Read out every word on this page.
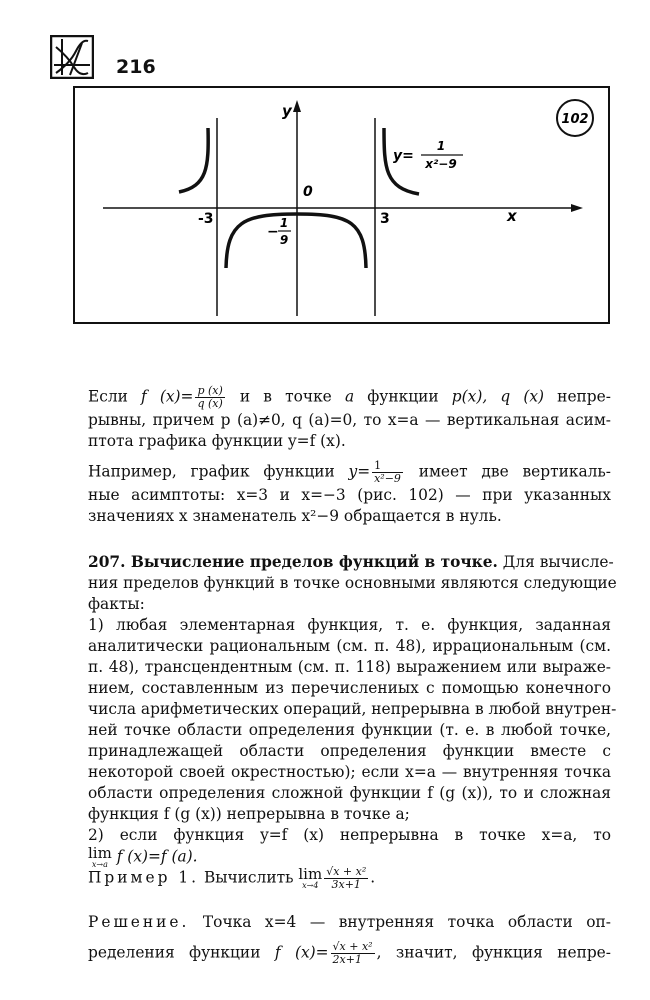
216
102
y
x
0
-3	3
−
1
9
y=
1
x²−9
Если f $(x)= \frac{p (x)}{q (x)}$ и в точке a функции p(x), q (x) непре-
рывны, причем p (a)≠0, q (a)=0, то x=a — вертикальная асим-
птота графика функции y=f (x).
Например, график функции $y= \frac{1}{\text{x²−9}}$ имеет две вертикаль-
ные асимптоты: x=3 и x=−3 (рис. 102) — при указанных
значениях x знаменатель x²−9 обращается в нуль.
207. Вычисление пределов функций в точке. Для вычисле-
ния пределов функций в точке основными являются следующие
факты:
1) любая элементарная функция, т. е. функция, заданная
аналитически рациональным (см. п. 48), иррациональным (см.
п. 48), трансцендентным (см. п. 118) выражением или выраже-
нием, составленным из перечислениых с помощью конечного
числа арифметических операций, непрерывна в любой внутрен-
ней точке области определения функции (т. е. в любой точке,
принадлежащей области определения функции вместе с
некоторой своей окрестностью); если x=a — внутренняя точка
области определения сложной функции f (g (x)), то и сложная
функция f (g (x)) непрерывна в точке a;
2) если функция y=f (x) непрерывна в точке x=a, то
lim
x→a f (x)=f (a).
Пример 1. Вычислить lim
$x\to 4 \frac{\text{√x + x²}}{3x+1}$ .
Решение. Точка x=4 — внутренняя точка области оп-
ределения функции f $(x)= \frac{\text{√x + x²}}{2x+1}$ , значит, функция непре-
